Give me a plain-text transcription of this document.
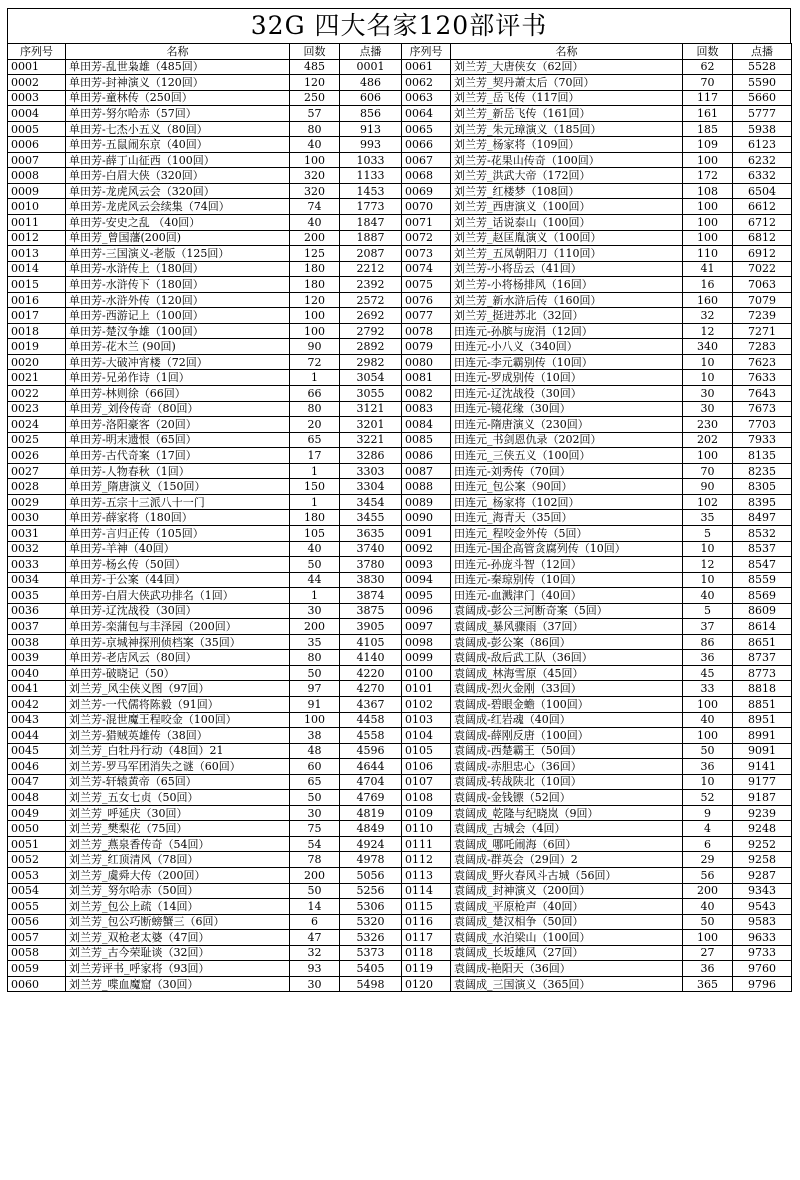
32G 四大名家120部评书
序列号	名称	回数	点播	序列号	名称	回数	点播
0001	单田芳-乱世枭雄（485回）	485	0001	0061	刘兰芳_大唐侠女（62回）	62	5528
0002	单田芳-封神演义（120回）	120	486	0062	刘兰芳_契丹萧太后（70回）	70	5590
0003	单田芳-童林传（250回）	250	606	0063	刘兰芳_岳飞传（117回）	117	5660
0004	单田芳-努尔哈赤（57回）	57	856	0064	刘兰芳_新岳飞传（161回）	161	5777
0005	单田芳-七杰小五义（80回）	80	913	0065	刘兰芳_朱元璋演义（185回）	185	5938
0006	单田芳-五鼠闹东京（40回）	40	993	0066	刘兰芳_杨家将（109回）	109	6123
0007	单田芳-薛丁山征西（100回）	100	1033	0067	刘兰芳-花果山传奇（100回）	100	6232
0008	单田芳-白眉大侠（320回）	320	1133	0068	刘兰芳_洪武大帝（172回）	172	6332
0009	单田芳-龙虎风云会（320回）	320	1453	0069	刘兰芳_红楼梦（108回）	108	6504
0010	单田芳-龙虎风云会续集（74回）	74	1773	0070	刘兰芳_西唐演义（100回）	100	6612
0011	单田芳-安史之乱 （40回）	40	1847	0071	刘兰芳_话说泰山（100回）	100	6712
0012	单田芳_曾国藩(200回)	200	1887	0072	刘兰芳_赵匡胤演义（100回）	100	6812
0013	单田芳-三国演义-老版（125回）	125	2087	0073	刘兰芳_五凤朝阳刀（110回）	110	6912
0014	单田芳-水浒传上（180回）	180	2212	0074	刘兰芳-小将岳云（41回）	41	7022
0015	单田芳-水浒传下（180回）	180	2392	0075	刘兰芳-小将杨排风（16回）	16	7063
0016	单田芳-水浒外传（120回）	120	2572	0076	刘兰芳_新水浒后传（160回）	160	7079
0017	单田芳-西游记上（100回）	100	2692	0077	刘兰芳_挺进苏北（32回）	32	7239
0018	单田芳-楚汉争雄（100回）	100	2792	0078	田连元-孙膑与庞涓（12回）	12	7271
0019	单田芳-花木兰 (90回)	90	2892	0079	田连元-小八义（340回）	340	7283
0020	单田芳-大破冲宵楼（72回）	72	2982	0080	田连元-李元霸别传（10回）	10	7623
0021	单田芳-兄弟作诗（1回）	1	3054	0081	田连元-罗成别传（10回）	10	7633
0022	单田芳-林则徐（66回）	66	3055	0082	田连元-辽沈战役（30回）	30	7643
0023	单田芳_刘伶传奇（80回）	80	3121	0083	田连元-镜花缘（30回）	30	7673
0024	单田芳-洛阳豪客（20回）	20	3201	0084	田连元-隋唐演义（230回）	230	7703
0025	单田芳-明末遗恨（65回）	65	3221	0085	田连元_书剑恩仇录（202回）	202	7933
0026	单田芳-古代奇案（17回）	17	3286	0086	田连元_三侠五义（100回）	100	8135
0027	单田芳-人物春秋（1回）	1	3303	0087	田连元-刘秀传（70回）	70	8235
0028	单田芳_隋唐演义（150回）	150	3304	0088	田连元_包公案（90回）	90	8305
0029	单田芳-五宗十三派八十一门	1	3454	0089	田连元_杨家将（102回）	102	8395
0030	单田芳-薛家将（180回）	180	3455	0090	田连元_海青天（35回）	35	8497
0031	单田芳-言归正传（105回）	105	3635	0091	田连元_程咬金外传（5回）	5	8532
0032	单田芳-羊神（40回）	40	3740	0092	田连元-国企高管贪腐列传（10回）	10	8537
0033	单田芳-杨幺传（50回）	50	3780	0093	田连元-孙庞斗智（12回）	12	8547
0034	单田芳-于公案（44回）	44	3830	0094	田连元-秦琼别传（10回）	10	8559
0035	单田芳-白眉大侠武功排名（1回）	1	3874	0095	田连元-血溅津门（40回）	40	8569
0036	单田芳-辽沈战役（30回）	30	3875	0096	袁阔成-彭公三河断奇案（5回）	5	8609
0037	单田芳-栾蒲包与丰泽园（200回）	200	3905	0097	袁阔成_暴风骤雨（37回）	37	8614
0038	单田芳-京城神探刑侦档案（35回）	35	4105	0098	袁阔成-彭公案（86回）	86	8651
0039	单田芳-老店风云（80回）	80	4140	0099	袁阔成-敌后武工队（36回）	36	8737
0040	单田芳-破晓记（50）	50	4220	0100	袁阔成_林海雪原（45回）	45	8773
0041	刘兰芳_风尘侠义图（97回）	97	4270	0101	袁阔成-烈火金刚（33回）	33	8818
0042	刘兰芳-一代儒将陈毅（91回）	91	4367	0102	袁阔成-碧眼金蟾（100回）	100	8851
0043	刘兰芳-混世魔王程咬金（100回）	100	4458	0103	袁阔成-红岩魂（40回）	40	8951
0044	刘兰芳-猎贼英雄传（38回）	38	4558	0104	袁阔成-薛刚反唐（100回）	100	8991
0045	刘兰芳_白牡丹行动（48回）21	48	4596	0105	袁阔成-西楚霸王（50回）	50	9091
0046	刘兰芳-罗马军团消失之谜（60回）	60	4644	0106	袁阔成-赤胆忠心（36回）	36	9141
0047	刘兰芳-轩辕黄帝（65回）	65	4704	0107	袁阔成-转战陕北（10回）	10	9177
0048	刘兰芳_五女七贞（50回）	50	4769	0108	袁阔成-金钱镖（52回）	52	9187
0049	刘兰芳_呼延庆（30回）	30	4819	0109	袁阔成_乾隆与纪晓岚（9回）	9	9239
0050	刘兰芳_樊梨花（75回）	75	4849	0110	袁阔成_古城会（4回）	4	9248
0051	刘兰芳_燕泉香传奇（54回）	54	4924	0111	袁阔成_哪吒闹海（6回）	6	9252
0052	刘兰芳_红顶清风（78回）	78	4978	0112	袁阔成-群英会（29回）2	29	9258
0053	刘兰芳_虞舜大传（200回）	200	5056	0113	袁阔成_野火春风斗古城（56回）	56	9287
0054	刘兰芳_努尔哈赤（50回）	50	5256	0114	袁阔成_封神演义（200回）	200	9343
0055	刘兰芳_包公上疏（14回）	14	5306	0115	袁阔成_平原枪声（40回）	40	9543
0056	刘兰芳_包公巧断螃蟹三（6回）	6	5320	0116	袁阔成_楚汉相争（50回）	50	9583
0057	刘兰芳_双枪老太婆（47回）	47	5326	0117	袁阔成_水泊梁山（100回）	100	9633
0058	刘兰芳_古今荣耻谈（32回）	32	5373	0118	袁阔成_长坂雄风（27回）	27	9733
0059	刘兰芳评书_呼家将（93回）	93	5405	0119	袁阔成-艳阳天（36回）	36	9760
0060	刘兰芳_喋血魔窟（30回）	30	5498	0120	袁阔成_三国演义（365回）	365	9796
